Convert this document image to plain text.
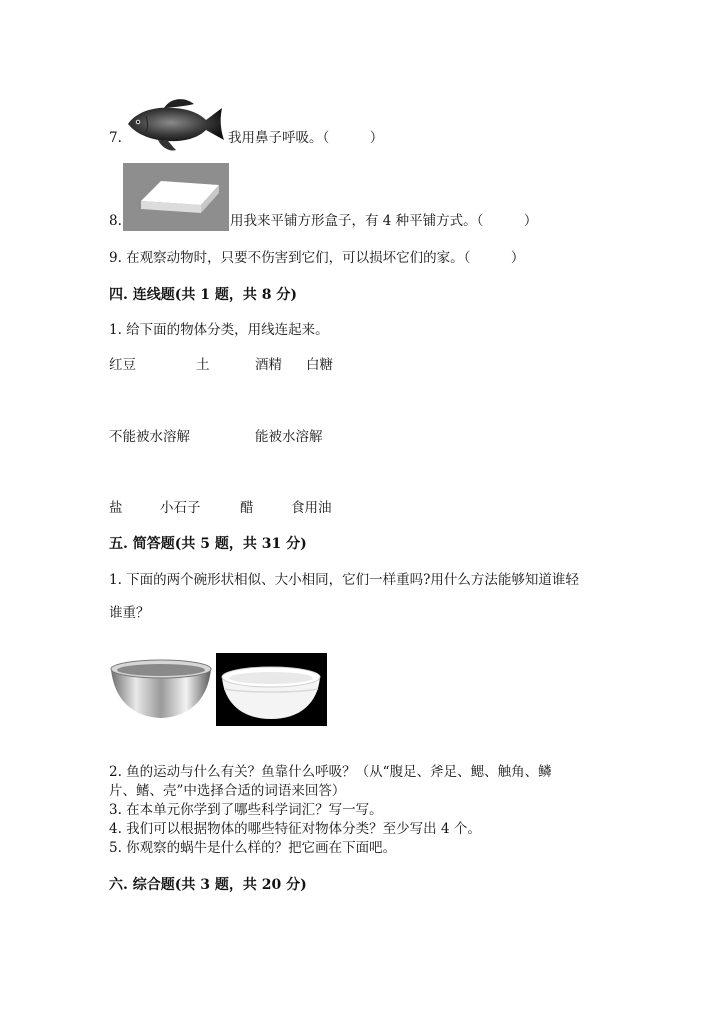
7.	我用鼻子呼吸。（　　　）
8.	用我来平铺方形盒子，有 4 种平铺方式。（　　　）
9. 在观察动物时，只要不伤害到它们，可以损坏它们的家。（　　　）
四. 连线题(共 1 题，共 8 分)
1. 给下面的物体分类，用线连起来。
红豆	土	酒精 白糖
不能被水溶解	能被水溶解
盐	小石子	醋	食用油
五. 简答题(共 5 题，共 31 分)
1. 下面的两个碗形状相似、大小相同，它们一样重吗?用什么方法能够知道谁轻
谁重？
2. 鱼的运动与什么有关？鱼靠什么呼吸？（从“腹足、斧足、鳃、触角、鳞
片、鳍、壳”中选择合适的词语来回答）
3. 在本单元你学到了哪些科学词汇？写一写。
4. 我们可以根据物体的哪些特征对物体分类？至少写出 4 个。
5. 你观察的蜗牛是什么样的？把它画在下面吧。
六. 综合题(共 3 题，共 20 分)
